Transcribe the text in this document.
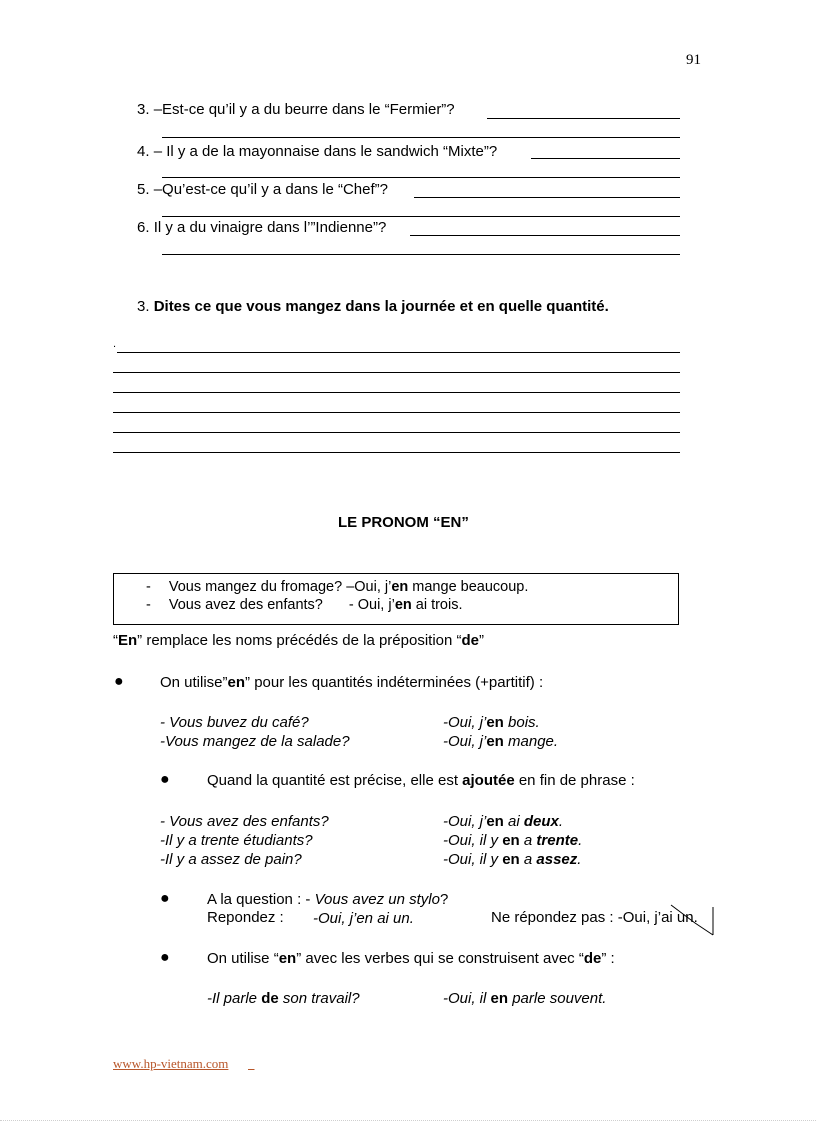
91
3. –Est-ce qu’il y a du beurre dans le “Fermier”?
4. – Il y a de la mayonnaise dans le sandwich “Mixte”?
5. –Qu’est-ce qu’il y a dans le “Chef”?
6. Il y a du vinaigre dans l’”Indienne”?
3. Dites ce que vous mangez dans la journée et en quelle quantité.
.
LE PRONOM “EN”
- Vous mangez du fromage? –Oui, j’en mange beaucoup.
- Vous avez des enfants? - Oui, j’en ai trois.
“En” remplace les noms précédés de la préposition “de”
● On utilise”en” pour les quantités indéterminées (+partitif) :
- Vous buvez du café?	-Oui, j’en bois.
-Vous mangez de la salade?	-Oui, j’en mange.
● Quand la quantité est précise, elle est ajoutée en fin de phrase :
- Vous avez des enfants?	-Oui, j’en ai deux.
-Il y a trente étudiants?	-Oui, il y en a trente.
-Il y a assez de pain?	-Oui, il y en a assez.
● A la question : - Vous avez un stylo?
Repondez : -Oui, j’en ai un.	Ne répondez pas : -Oui, j’ai un.
● On utilise “en” avec les verbes qui se construisent avec “de” :
-Il parle de son travail?	-Oui, il en parle souvent.
www.hp-vietnam.com
